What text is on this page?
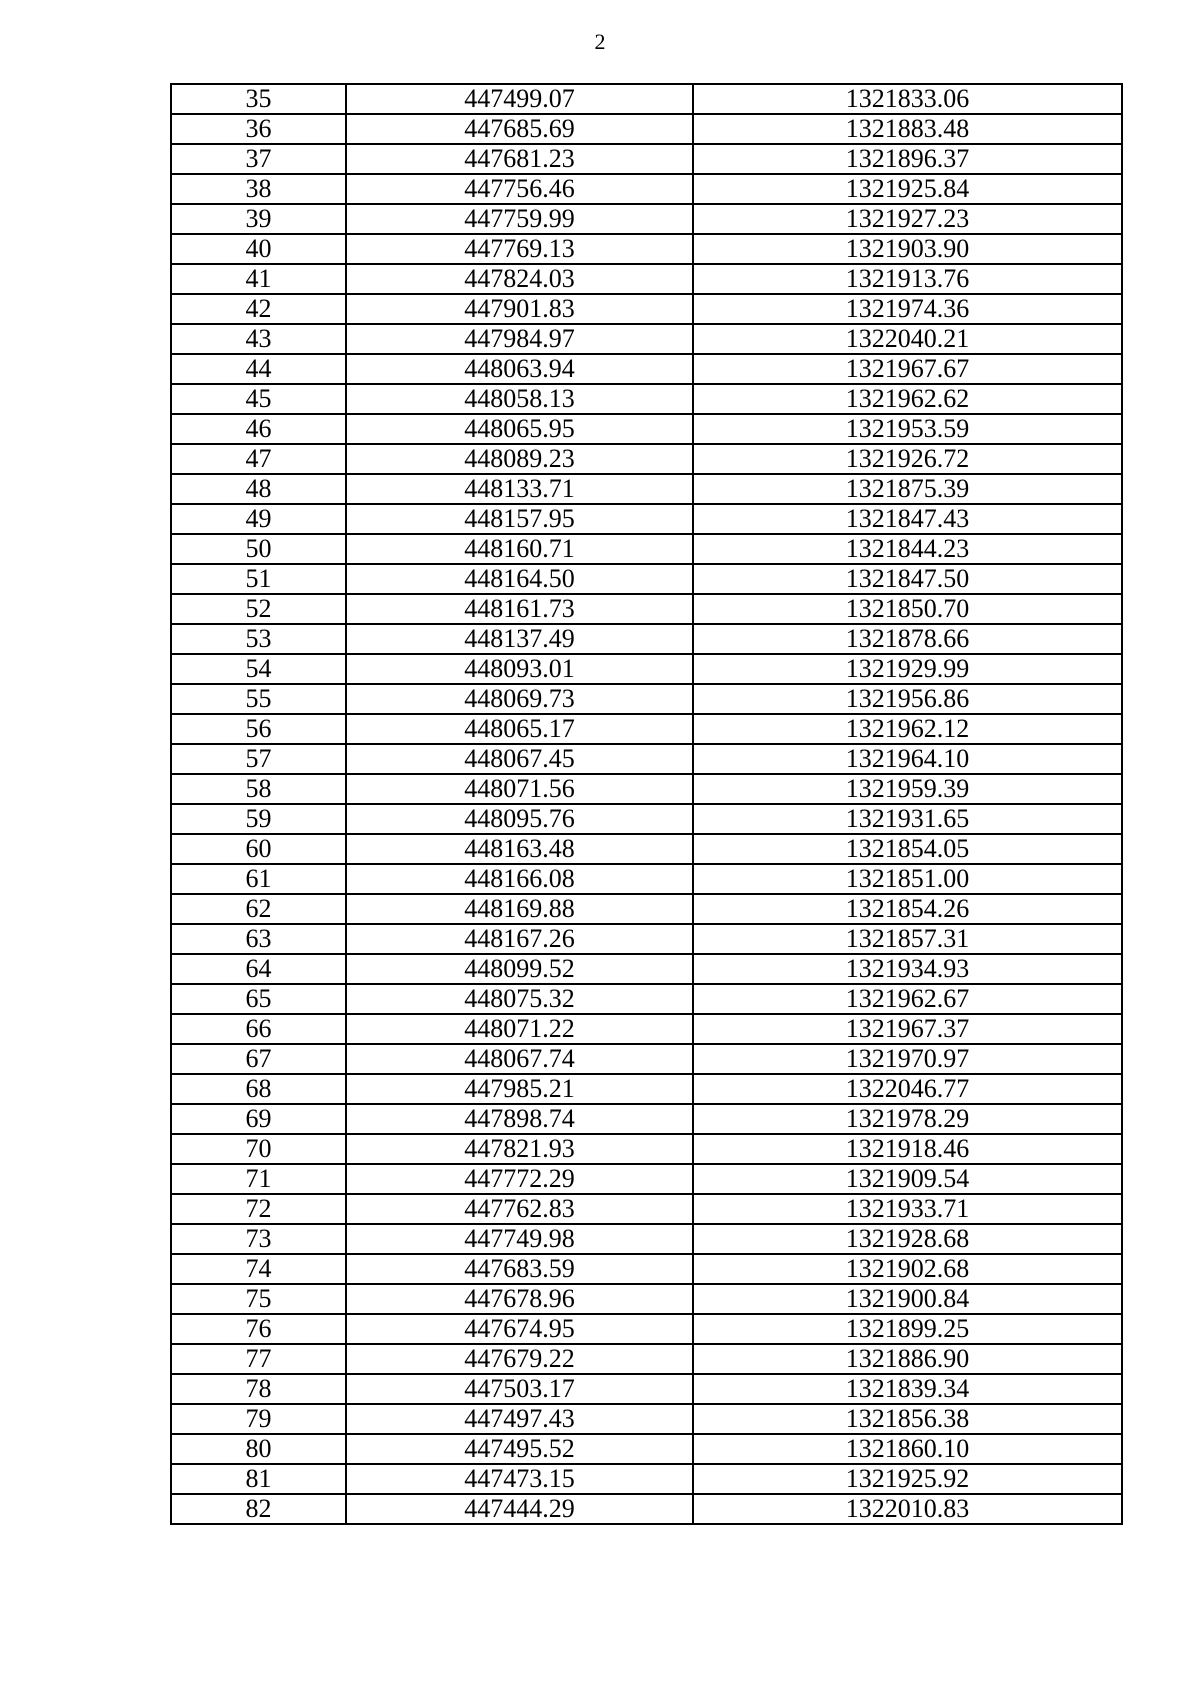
2
35	447499.07	1321833.06
36	447685.69	1321883.48
37	447681.23	1321896.37
38	447756.46	1321925.84
39	447759.99	1321927.23
40	447769.13	1321903.90
41	447824.03	1321913.76
42	447901.83	1321974.36
43	447984.97	1322040.21
44	448063.94	1321967.67
45	448058.13	1321962.62
46	448065.95	1321953.59
47	448089.23	1321926.72
48	448133.71	1321875.39
49	448157.95	1321847.43
50	448160.71	1321844.23
51	448164.50	1321847.50
52	448161.73	1321850.70
53	448137.49	1321878.66
54	448093.01	1321929.99
55	448069.73	1321956.86
56	448065.17	1321962.12
57	448067.45	1321964.10
58	448071.56	1321959.39
59	448095.76	1321931.65
60	448163.48	1321854.05
61	448166.08	1321851.00
62	448169.88	1321854.26
63	448167.26	1321857.31
64	448099.52	1321934.93
65	448075.32	1321962.67
66	448071.22	1321967.37
67	448067.74	1321970.97
68	447985.21	1322046.77
69	447898.74	1321978.29
70	447821.93	1321918.46
71	447772.29	1321909.54
72	447762.83	1321933.71
73	447749.98	1321928.68
74	447683.59	1321902.68
75	447678.96	1321900.84
76	447674.95	1321899.25
77	447679.22	1321886.90
78	447503.17	1321839.34
79	447497.43	1321856.38
80	447495.52	1321860.10
81	447473.15	1321925.92
82	447444.29	1322010.83
